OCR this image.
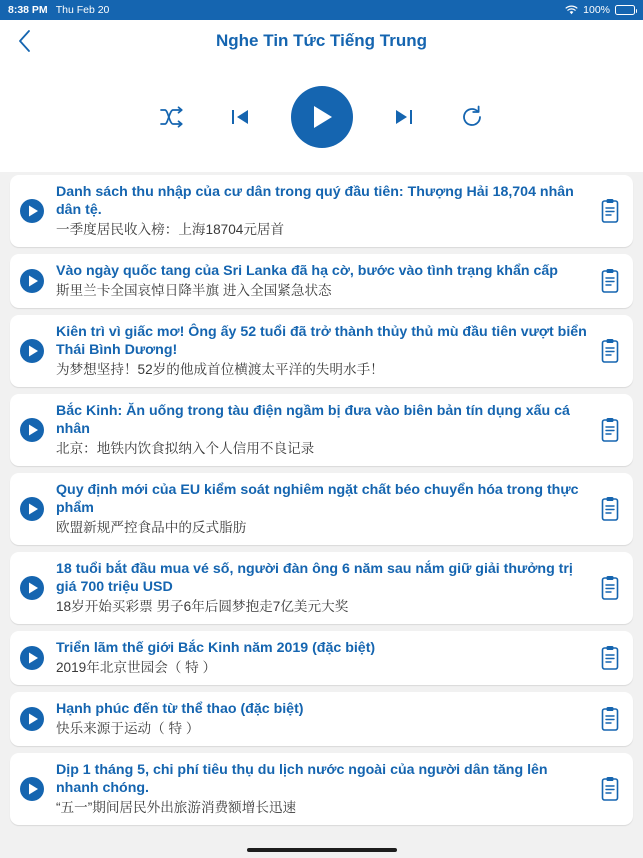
8:38 PM Thu Feb 20	100%
Nghe Tin Tức Tiếng Trung
Danh sách thu nhập của cư dân trong quý đầu tiên: Thượng Hải 18,704 nhân dân tệ.
一季度居民收入榜：上海18704元居首
Vào ngày quốc tang của Sri Lanka đã hạ cờ, bước vào tình trạng khẩn cấp
斯里兰卡全国哀悼日降半旗 进入全国紧急状态
Kiên trì vì giấc mơ! Ông ấy 52 tuổi đã trở thành thủy thủ mù đầu tiên vượt biển Thái Bình Dương!
为梦想坚持！52岁的他成首位横渡太平洋的失明水手！
Bắc Kinh: Ăn uống trong tàu điện ngầm bị đưa vào biên bản tín dụng xấu cá nhân
北京：地铁内饮食拟纳入个人信用不良记录
Quy định mới của EU kiểm soát nghiêm ngặt chất béo chuyển hóa trong thực phẩm
欧盟新规严控食品中的反式脂肪
18 tuổi bắt đầu mua vé số, người đàn ông 6 năm sau nắm giữ giải thưởng trị giá 700 triệu USD
18岁开始买彩票 男子6年后圆梦抱走7亿美元大奖
Triển lãm thế giới Bắc Kinh năm 2019 (đặc biệt)
2019年北京世园会（ 特 ）
Hạnh phúc đến từ thể thao (đặc biệt)
快乐来源于运动（ 特 ）
Dịp 1 tháng 5, chi phí tiêu thụ du lịch nước ngoài của người dân tăng lên nhanh chóng.
“五一”期间居民外出旅游消费额增长迅速
